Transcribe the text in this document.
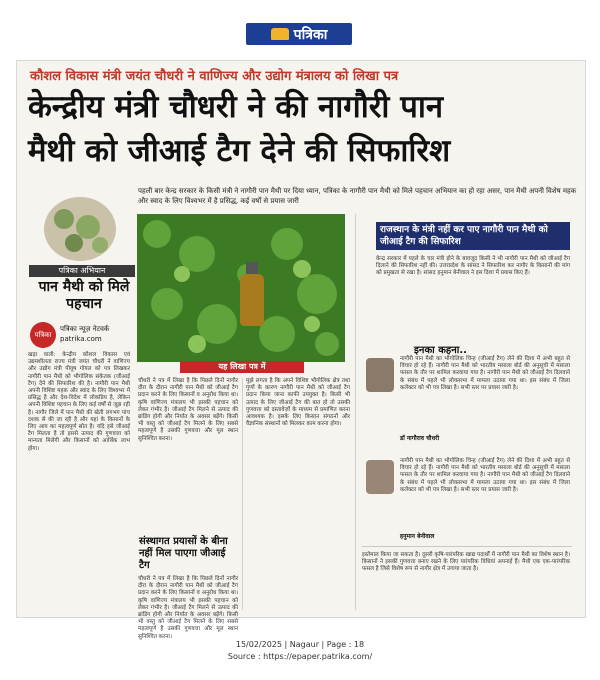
पत्रिका
कौशल विकास मंत्री जयंत चौधरी ने वाणिज्य और उद्योग मंत्रालय को लिखा पत्र
केन्द्रीय मंत्री चौधरी ने की नागौरी पान
मैथी को जीआई टैग देने की सिफारिश
पहली बार केन्द्र सरकार के किसी मंत्री ने नागौरी पान मैथी पर दिया ध्यान, पत्रिका के नागौरी पान मैथी को मिले पहचान अभियान का हो रहा असर, पान मैथी अपनी विशेष महक और स्वाद के लिए विश्वभर में है प्रसिद्ध, कई वर्षों से प्रयास जारी
पत्रिका अभियान
पान मैथी को मिले पहचान
पत्रिका
पत्रिका न्यूज़ नेटवर्क
patrika.com
खड़ा वाली: केन्द्रीय कौशल विकास एवं उद्यमशीलता राज्य मंत्री जयंत चौधरी ने वाणिज्य और उद्योग मंत्री पीयूष गोयल को पत्र लिखकर नागौरी पान मैथी को भौगोलिक संकेतक (जीआई टैग) देने की सिफारिश की है। नागौरी पान मैथी अपनी विशिष्ट महक और स्वाद के लिए विश्वभर में प्रसिद्ध है और देश-विदेश में लोकप्रिय है, लेकिन अपनी विशिष्ट पहचान के लिए कई वर्षों से जूझ रही है। नागौर जिले में पान मैथी की खेती लगभग पांच दशक से की जा रही है और यहां के किसानों के लिए आय का महत्वपूर्ण स्रोत है। यदि इसे जीआई टैग मिलता है तो इससे उत्पाद की गुणवत्ता को मान्यता मिलेगी और किसानों को आर्थिक लाभ होगा।
यह लिखा पत्र में
चौधरी ने पत्र में लिखा है कि पिछले दिनों नागौर दौरा के दौरान नागौरी पान मैथी को जीआई टैग प्रदान करने के लिए किसानों व अनुरोध किया था। कृषि वाणिज्य मंत्रालय भी इसकी पहचान को लेकर गंभीर है। जीआई टैग मिलने से उत्पाद की ब्रांडिंग होगी और निर्यात के अवसर बढ़ेंगे। किसी भी वस्तु को जीआई टैग मिलने के लिए सबसे महत्वपूर्ण है उसकी गुणवत्ता और मूल स्थान सुनिश्चित करना।
संस्थागत प्रयासों के बीना नहीं मिल पाएगा जीआई टैग
चौधरी ने पत्र में लिखा है कि पिछले दिनों नागौर दौरा के दौरान नागौरी पान मैथी को जीआई टैग प्रदान करने के लिए किसानों व अनुरोध किया था। कृषि वाणिज्य मंत्रालय भी इसकी पहचान को लेकर गंभीर है। जीआई टैग मिलने से उत्पाद की ब्रांडिंग होगी और निर्यात के अवसर बढ़ेंगे। किसी भी वस्तु को जीआई टैग मिलने के लिए सबसे महत्वपूर्ण है उसकी गुणवत्ता और मूल स्थान सुनिश्चित करना।
मुझे लगता है कि अपने विशिष्ट भौगोलिक क्षेत्र तथा गुणों के कारण नागौरी पान मैथी को जीआई टैग प्रदान किया जाना काफी उपयुक्त है। किसी भी उत्पाद के लिए जीआई टैग की बात हो तो उसकी गुणवत्ता को दस्तावेज़ों के माध्यम से प्रमाणित करना आवश्यक है। इसके लिए किसान संगठनों और वैज्ञानिक संस्थानों को मिलकर काम करना होगा।
राजस्थान के मंत्री नहीं कर पाए नागौरी पान मैथी को जीआई टैग की सिफारिश
केन्द्र सरकार में पहले के चार मंत्री होने के बावजूद किसी ने भी नागौरी पान मैथी को जीआई टैग दिलाने की सिफारिश नहीं की। उत्तरप्रदेश के सांसद ने सिफारिश कर नागौर के किसानों की मांग को प्रमुखता से रखा है। सांसद हनुमान बेनीवाल ने इस दिशा में प्रयास किए हैं।
इनका कहना..
नागौरी पान मैथी का भौगोलिक चिन्ह (जीआई टैग) लेने की दिशा में अभी बहुत से विचार हो रहे हैं। नागौरी पान मैथी को भारतीय मसाला बोर्ड की अनुसूची में मसाला फसल के तौर पर शामिल करवाया गया है। नागौरी पान मैथी को जीआई टैग दिलवाने के संबंध में पहले भी लोकसभा में मामला उठाया गया था। इस संबंध में जिला कलेक्टर को भी पत्र लिखा है। सभी स्तर पर प्रयास जारी है।
डॉ नागौराव चौधरी
नागौरी पान मैथी का भौगोलिक चिन्ह (जीआई टैग) लेने की दिशा में अभी बहुत से विचार हो रहे हैं। नागौरी पान मैथी को भारतीय मसाला बोर्ड की अनुसूची में मसाला फसल के तौर पर शामिल करवाया गया है। नागौरी पान मैथी को जीआई टैग दिलवाने के संबंध में पहले भी लोकसभा में मामला उठाया गया था। इस संबंध में जिला कलेक्टर को भी पत्र लिखा है। सभी स्तर पर प्रयास जारी है।
हनुमान बेनीवाल
इस्तेमाल किया जा सकता है। दूसरी कृषि-पारंपरिक खाद्य पदार्थों में नागौरी पान मैथी का विशेष स्थान है। किसानों ने इसकी गुणवत्ता बनाए रखने के लिए पारंपरिक विधियां अपनाई हैं। मैथी एक एक-पारंपरिक फसल है जिसे विशेष रूप से नागौर क्षेत्र में उगाया जाता है।
15/02/2025 | Nagaur | Page : 18
Source : https://epaper.patrika.com/
